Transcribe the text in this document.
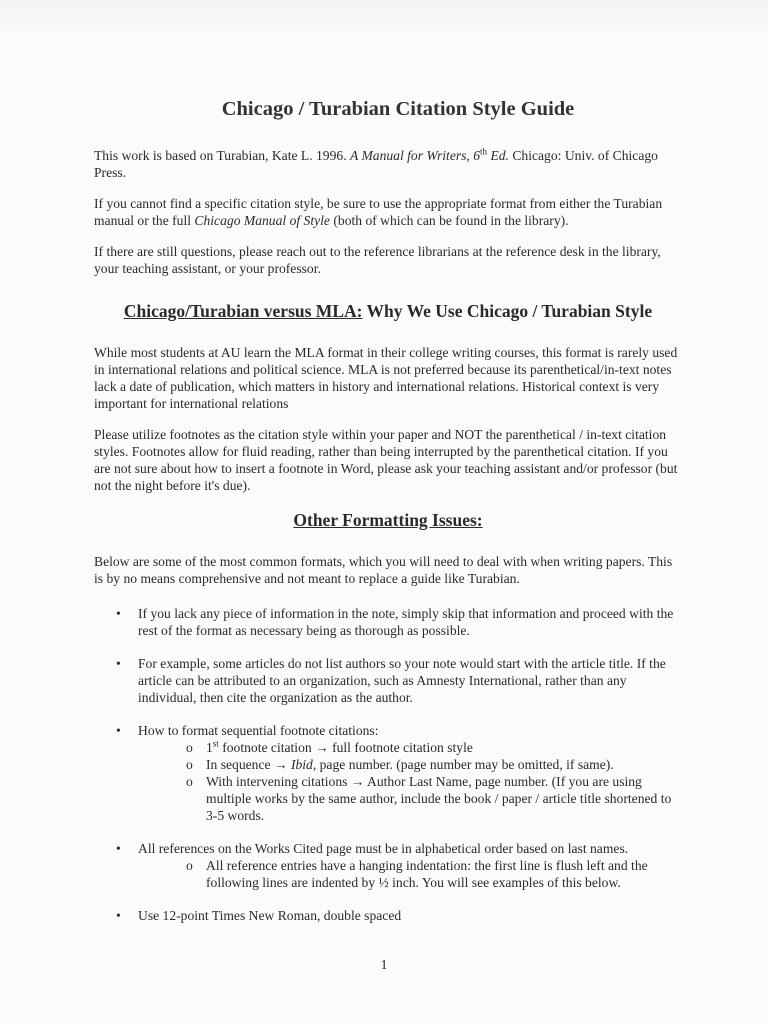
Chicago / Turabian Citation Style Guide

This work is based on Turabian, Kate L. 1996. A Manual for Writers, 6th Ed. Chicago: Univ. of Chicago Press.

If you cannot find a specific citation style, be sure to use the appropriate format from either the Turabian manual or the full Chicago Manual of Style (both of which can be found in the library).

If there are still questions, please reach out to the reference librarians at the reference desk in the library, your teaching assistant, or your professor.

Chicago/Turabian versus MLA: Why We Use Chicago / Turabian Style

While most students at AU learn the MLA format in their college writing courses, this format is rarely used in international relations and political science. MLA is not preferred because its parenthetical/in-text notes lack a date of publication, which matters in history and international relations. Historical context is very important for international relations

Please utilize footnotes as the citation style within your paper and NOT the parenthetical / in-text citation styles. Footnotes allow for fluid reading, rather than being interrupted by the parenthetical citation. If you are not sure about how to insert a footnote in Word, please ask your teaching assistant and/or professor (but not the night before it's due).

Other Formatting Issues:

Below are some of the most common formats, which you will need to deal with when writing papers. This is by no means comprehensive and not meant to replace a guide like Turabian.

• If you lack any piece of information in the note, simply skip that information and proceed with the rest of the format as necessary being as thorough as possible.
• For example, some articles do not list authors so your note would start with the article title. If the article can be attributed to an organization, such as Amnesty International, rather than any individual, then cite the organization as the author.
• How to format sequential footnote citations:
o 1st footnote citation → full footnote citation style
o In sequence → Ibid, page number. (page number may be omitted, if same).
o With intervening citations → Author Last Name, page number. (If you are using multiple works by the same author, include the book / paper / article title shortened to 3-5 words.
• All references on the Works Cited page must be in alphabetical order based on last names.
o All reference entries have a hanging indentation: the first line is flush left and the following lines are indented by ½ inch. You will see examples of this below.
• Use 12-point Times New Roman, double spaced
1
